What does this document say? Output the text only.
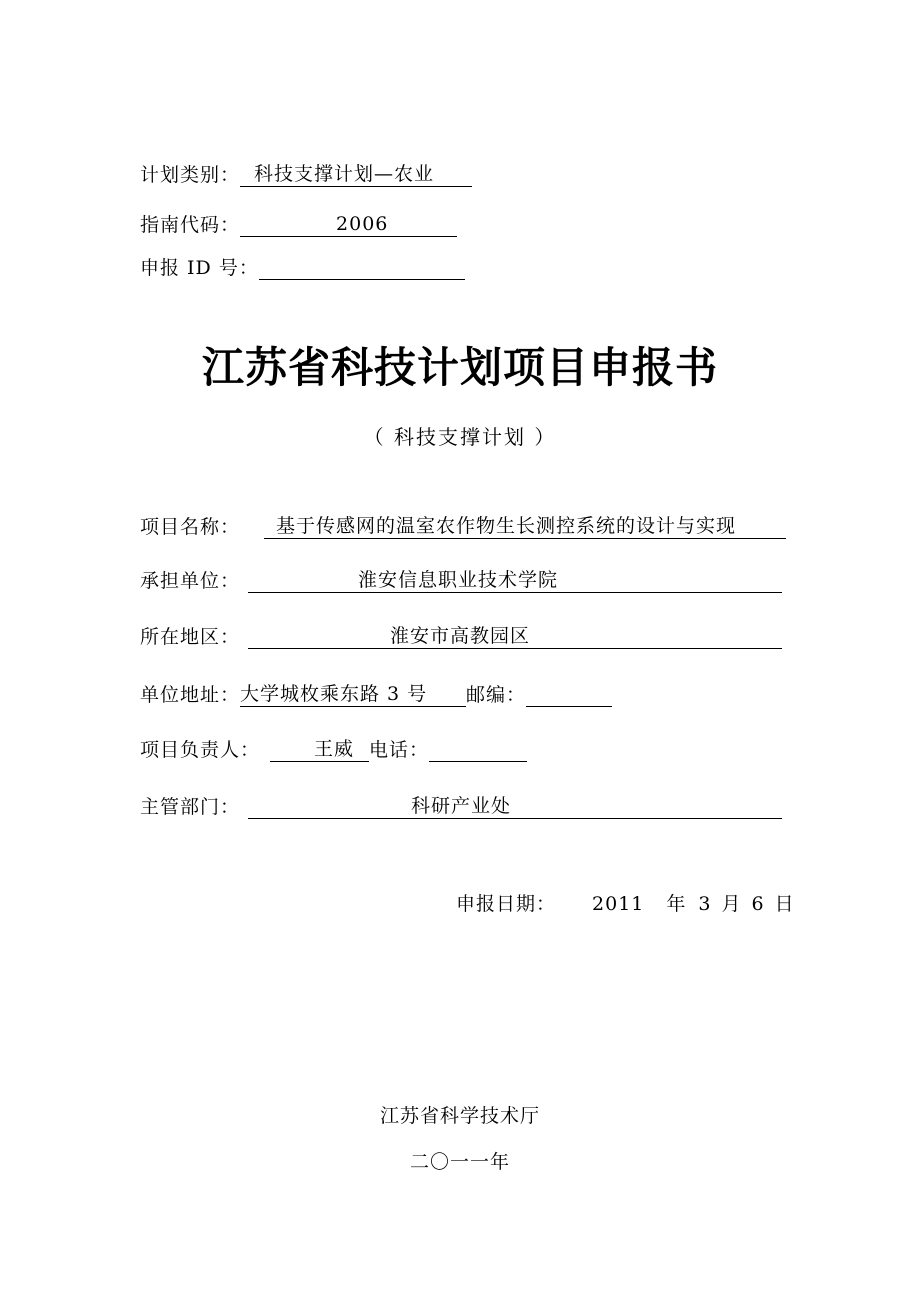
计划类别： 科技支撑计划—农业
指南代码：	2006
申报 ID 号：
江苏省科技计划项目申报书
（ 科技支撑计划 ）
项目名称： 基于传感网的温室农作物生长测控系统的设计与实现
承担单位：	淮安信息职业技术学院
所在地区：	淮安市高教园区
单位地址：大学城枚乘东路 3 号 邮编：
项目负责人：	王威 电话：
主管部门：	科研产业处
申报日期： 2011 年 3 月 6 日
江苏省科学技术厅
二〇一一年
